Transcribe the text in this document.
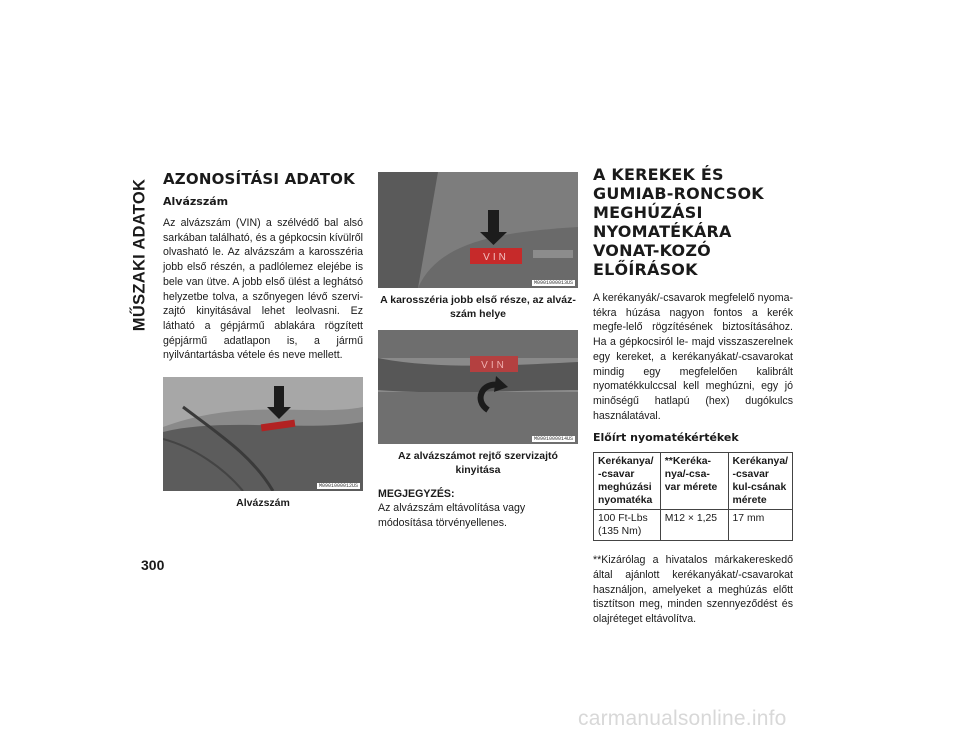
MŰSZAKI ADATOK AZONOSÍTÁSI ADATOK
Alvázszám

Az alvázszám (VIN) a szélvédő bal alsó sarkában található, és a gépkocsin kívülről olvasható le. Az alvázszám a karosszéria jobb első részén, a padlólemez elejébe is bele van ütve. A jobb első ülést a leghátsó helyzetbe tolva, a szőnyegen lévő szervi-zajtó kinyitásával lehet leolvasni. Ez látható a gépjármű ablakára rögzített gépjármű adatlapon is, a jármű nyilvántartásba vétele és neve mellett.

M0901000012US
Alvázszám
VIN
M0901000013US
A karosszéria jobb első része, az alváz-szám helye
VIN
M0901000014US
Az alvázszámot rejtő szervizajtó kinyitása
MEGJEGYZÉS:

Az alvázszám eltávolítása vagy módosítása törvényellenes.

A KEREKEK ÉS GUMIAB-RONCSOK MEGHÚZÁSI NYOMATÉKÁRA VONAT-KOZÓ ELŐÍRÁSOK

A kerékanyák/-csavarok megfelelő nyoma-tékra húzása nagyon fontos a kerék megfe-lelő rögzítésének biztosításához. Ha a gépkocsiról le- majd visszaszerelnek egy kereket, a kerékanyákat/-csavarokat mindig egy megfelelően kalibrált nyomatékkulccsal kell meghúzni, egy jó minőségű hatlapú (hex) dugókulcs használatával.

Előírt nyomatékértékek
Kerékanya/ -csavar meghúzási nyomatéka	**Keréka-nya/-csa-var mérete	Kerékanya/ -csavar kul-csának mérete
100 Ft-Lbs (135 Nm)	M12 × 1,25	17 mm

**Kizárólag a hivatalos márkakereskedő által ajánlott kerékanyákat/-csavarokat használjon, amelyeket a meghúzás előtt tisztítson meg, minden szennyeződést és olajréteget eltávolítva.

300
carmanualsonline.info
